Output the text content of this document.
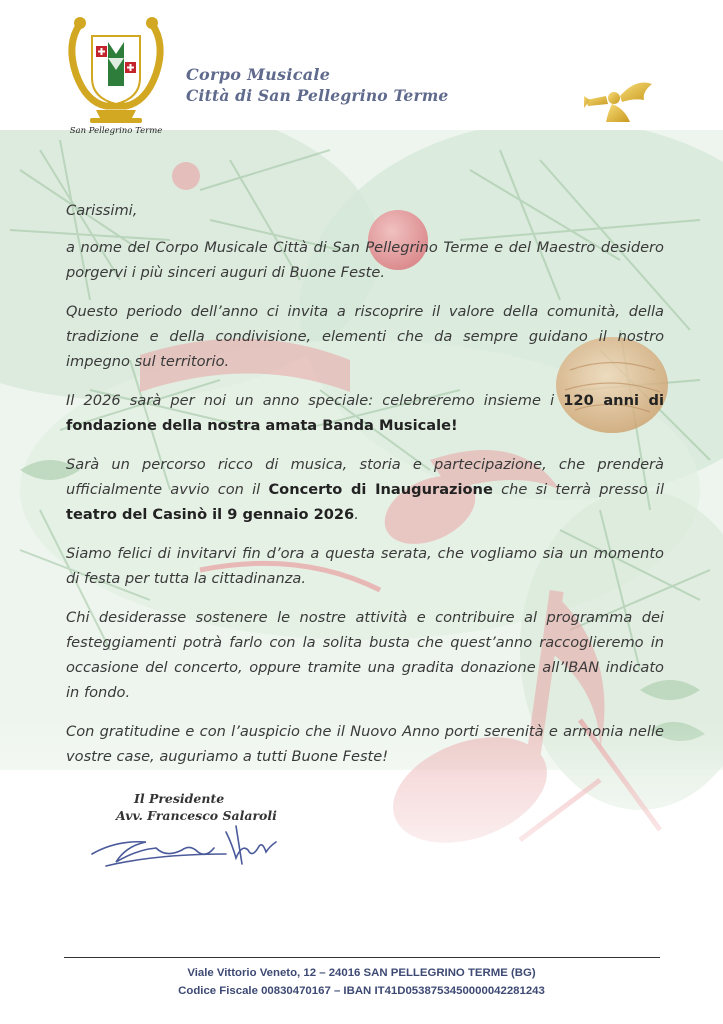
San Pellegrino Terme
Corpo Musicale
Città di San Pellegrino Terme

Carissimi,

a nome del Corpo Musicale Città di San Pellegrino Terme e del Maestro desidero porgervi i più sinceri auguri di Buone Feste.

Questo periodo dell’anno ci invita a riscoprire il valore della comunità, della tradizione e della condivisione, elementi che da sempre guidano il nostro impegno sul territorio.

Il 2026 sarà per noi un anno speciale: celebreremo insieme i 120 anni di fondazione della nostra amata Banda Musicale!

Sarà un percorso ricco di musica, storia e partecipazione, che prenderà ufficialmente avvio con il Concerto di Inaugurazione che si terrà presso il teatro del Casinò il 9 gennaio 2026.

Siamo felici di invitarvi fin d’ora a questa serata, che vogliamo sia un momento di festa per tutta la cittadinanza.

Chi desiderasse sostenere le nostre attività e contribuire al programma dei festeggiamenti potrà farlo con la solita busta che quest’anno raccoglieremo in occasione del concerto, oppure tramite una gradita donazione all’IBAN indicato in fondo.

Con gratitudine e con l’auspicio che il Nuovo Anno porti serenità e armonia nelle vostre case, auguriamo a tutti Buone Feste!

Il Presidente
Avv. Francesco Salaroli
Viale Vittorio Veneto, 12 – 24016 SAN PELLEGRINO TERME (BG)
Codice Fiscale 00830470167 – IBAN IT41D0538753450000042281243
